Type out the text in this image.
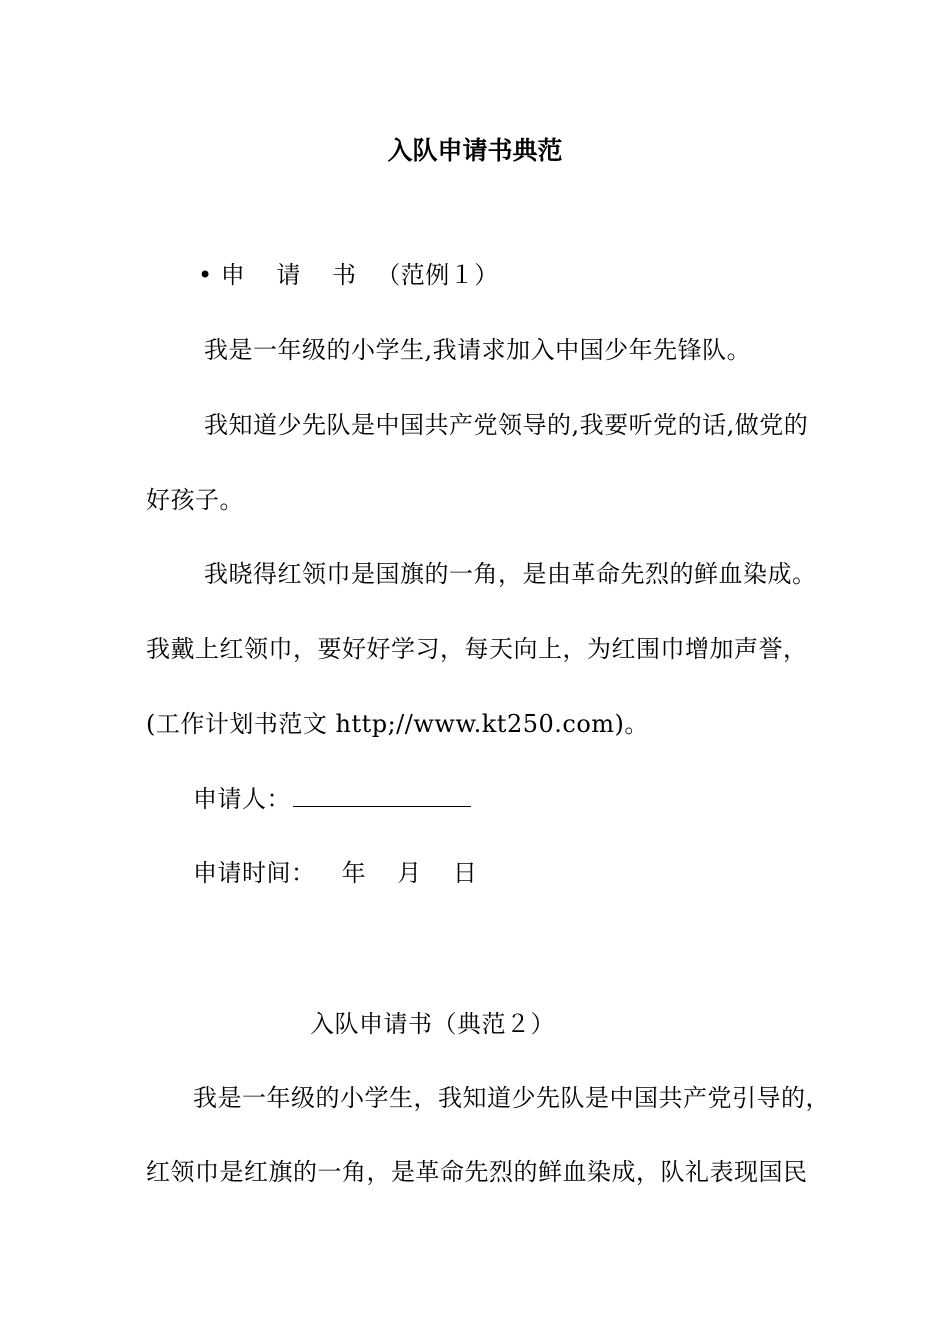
入队申请书典范
• 申 请 书 （范例１）
我是一年级的小学生,我请求加入中国少年先锋队。
我知道少先队是中国共产党领导的,我要听党的话,做党的
好孩子。
我晓得红领巾是国旗的一角，是由革命先烈的鲜血染成。
我戴上红领巾，要好好学习，每天向上，为红围巾增加声誉，
(工作计划书范文 http;//www.kt250.com)。
申请人：
申请时间： 年 月 日
入队申请书（典范２）
我是一年级的小学生，我知道少先队是中国共产党引导的，
红领巾是红旗的一角，是革命先烈的鲜血染成，队礼表现国民
